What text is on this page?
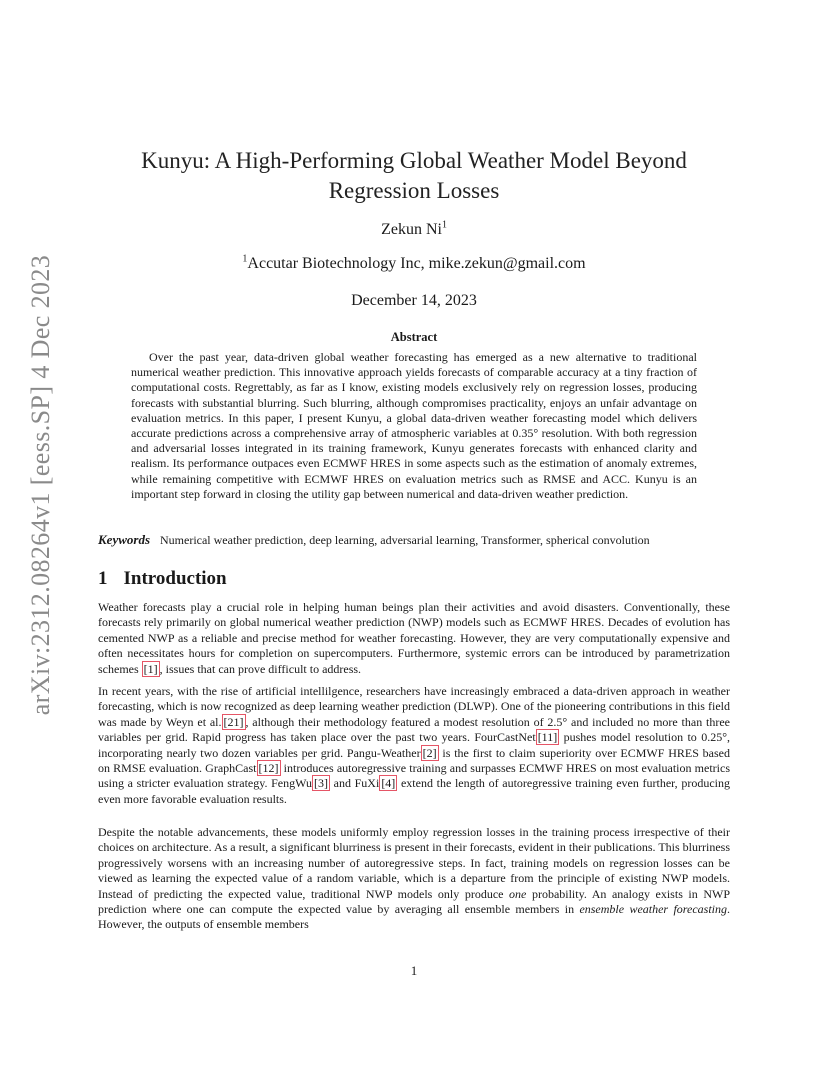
arXiv:2312.08264v1 [eess.SP] 4 Dec 2023
Kunyu: A High-Performing Global Weather Model Beyond Regression Losses
Zekun Ni$^1$
$^1$Accutar Biotechnology Inc, mike.zekun@gmail.com
December 14, 2023
Abstract
Over the past year, data-driven global weather forecasting has emerged as a new alternative to traditional numerical weather prediction. This innovative approach yields forecasts of comparable accuracy at a tiny fraction of computational costs. Regrettably, as far as I know, existing models exclusively rely on regression losses, producing forecasts with substantial blurring. Such blurring, although compromises practicality, enjoys an unfair advantage on evaluation metrics. In this paper, I present Kunyu, a global data-driven weather forecasting model which delivers accurate predictions across a comprehensive array of atmospheric variables at 0.35° resolution. With both regression and adversarial losses integrated in its training framework, Kunyu generates forecasts with enhanced clarity and realism. Its performance outpaces even ECMWF HRES in some aspects such as the estimation of anomaly extremes, while remaining competitive with ECMWF HRES on evaluation metrics such as RMSE and ACC. Kunyu is an important step forward in closing the utility gap between numerical and data-driven weather prediction.
Keywords Numerical weather prediction, deep learning, adversarial learning, Transformer, spherical convolution
1 Introduction
Weather forecasts play a crucial role in helping human beings plan their activities and avoid disasters. Conventionally, these forecasts rely primarily on global numerical weather prediction (NWP) models such as ECMWF HRES. Decades of evolution has cemented NWP as a reliable and precise method for weather forecasting. However, they are very computationally expensive and often necessitates hours for completion on supercomputers. Furthermore, systemic errors can be introduced by parametrization schemes [1] , issues that can prove difficult to address.
In recent years, with the rise of artificial intellilgence, researchers have increasingly embraced a data-driven approach in weather forecasting, which is now recognized as deep learning weather prediction (DLWP). One of the pioneering contributions in this field was made by Weyn et al. [21] , although their methodology featured a modest resolution of 2.5° and included no more than three variables per grid. Rapid progress has taken place over the past two years. FourCastNet [11] pushes model resolution to 0.25°, incorporating nearly two dozen variables per grid. Pangu-Weather [2] is the first to claim superiority over ECMWF HRES based on RMSE evaluation. GraphCast [12] introduces autoregressive training and surpasses ECMWF HRES on most evaluation metrics using a stricter evaluation strategy. FengWu [3] and FuXi [4] extend the length of autoregressive training even further, producing even more favorable evaluation results.
Despite the notable advancements, these models uniformly employ regression losses in the training process irrespective of their choices on architecture. As a result, a significant blurriness is present in their forecasts, evident in their publications. This blurriness progressively worsens with an increasing number of autoregressive steps. In fact, training models on regression losses can be viewed as learning the expected value of a random variable, which is a departure from the principle of existing NWP models. Instead of predicting the expected value, traditional NWP models only produce one probability. An analogy exists in NWP prediction where one can compute the expected value by averaging all ensemble members in ensemble weather forecasting. However, the outputs of ensemble members
1
